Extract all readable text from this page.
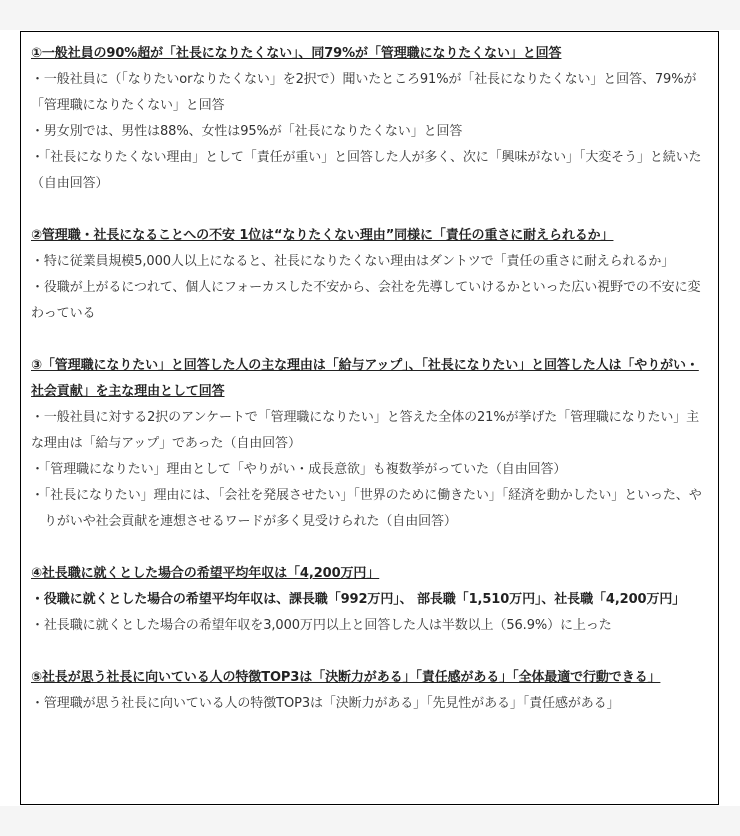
①一般社員の90%超が「社長になりたくない」、同79%が「管理職になりたくない」と回答
・一般社員に（「なりたいorなりたくない」を2択で）聞いたところ91%が「社長になりたくない」と回答、79%が「管理職になりたくない」と回答
・男女別では、男性は88%、女性は95%が「社長になりたくない」と回答
・「社長になりたくない理由」として「責任が重い」と回答した人が多く、次に「興味がない」「大変そう」と続いた（自由回答）
②管理職・社長になることへの不安 1位は“なりたくない理由”同様に「責任の重さに耐えられるか」
・特に従業員規模5,000人以上になると、社長になりたくない理由はダントツで「責任の重さに耐えられるか」
・役職が上がるにつれて、個人にフォーカスした不安から、会社を先導していけるかといった広い視野での不安に変わっている
③「管理職になりたい」と回答した人の主な理由は「給与アップ」、「社長になりたい」と回答した人は「やりがい・社会貢献」を主な理由として回答
・一般社員に対する2択のアンケートで「管理職になりたい」と答えた全体の21%が挙げた「管理職になりたい」主な理由は「給与アップ」であった（自由回答）
・「管理職になりたい」理由として「やりがい・成長意欲」も複数挙がっていた（自由回答）
・「社長になりたい」理由には、「会社を発展させたい」「世界のために働きたい」「経済を動かしたい」といった、やりがいや社会貢献を連想させるワードが多く見受けられた（自由回答）
④社長職に就くとした場合の希望平均年収は「4,200万円」
・役職に就くとした場合の希望平均年収は、課長職「992万円」、 部長職「1,510万円」、社長職「4,200万円」
・社長職に就くとした場合の希望年収を3,000万円以上と回答した人は半数以上（56.9%）に上った
⑤社長が思う社長に向いている人の特徴TOP3は「決断力がある」「責任感がある」「全体最適で行動できる」
・管理職が思う社長に向いている人の特徴TOP3は「決断力がある」「先見性がある」「責任感がある」
